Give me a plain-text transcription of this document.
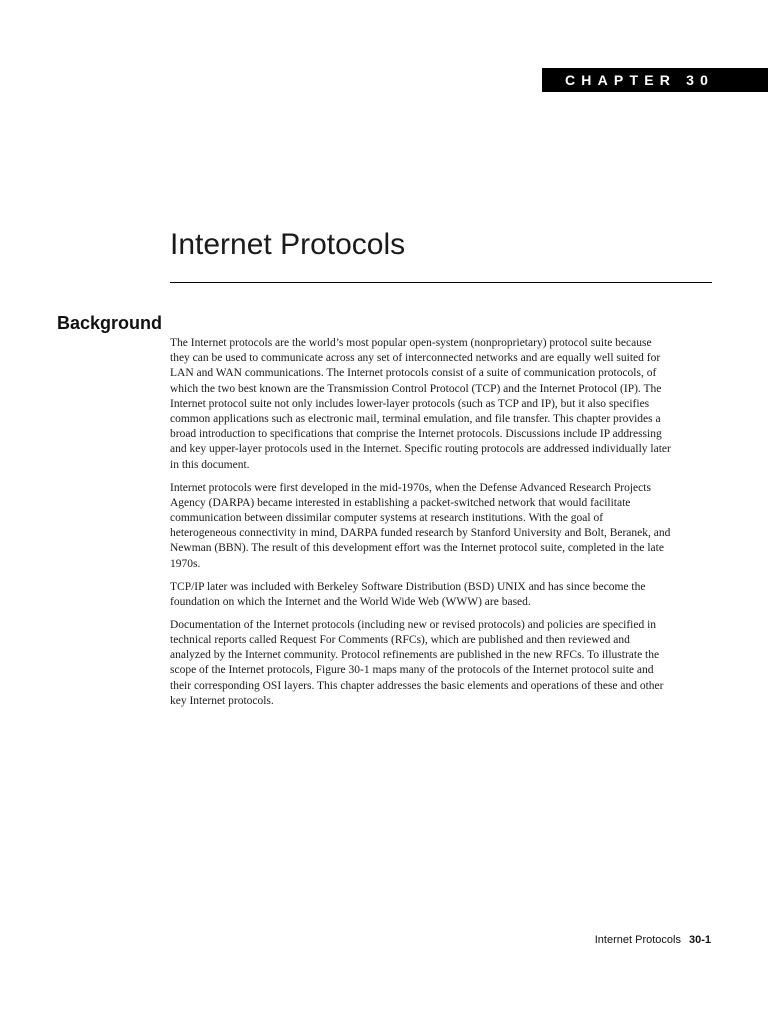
CHAPTER 30
Internet Protocols
Background

The Internet protocols are the world’s most popular open-system (nonproprietary) protocol suite because they can be used to communicate across any set of interconnected networks and are equally well suited for LAN and WAN communications. The Internet protocols consist of a suite of communication protocols, of which the two best known are the Transmission Control Protocol (TCP) and the Internet Protocol (IP). The Internet protocol suite not only includes lower-layer protocols (such as TCP and IP), but it also specifies common applications such as electronic mail, terminal emulation, and file transfer. This chapter provides a broad introduction to specifications that comprise the Internet protocols. Discussions include IP addressing and key upper-layer protocols used in the Internet. Specific routing protocols are addressed individually later in this document.

Internet protocols were first developed in the mid-1970s, when the Defense Advanced Research Projects Agency (DARPA) became interested in establishing a packet-switched network that would facilitate communication between dissimilar computer systems at research institutions. With the goal of heterogeneous connectivity in mind, DARPA funded research by Stanford University and Bolt, Beranek, and Newman (BBN). The result of this development effort was the Internet protocol suite, completed in the late 1970s.

TCP/IP later was included with Berkeley Software Distribution (BSD) UNIX and has since become the foundation on which the Internet and the World Wide Web (WWW) are based.

Documentation of the Internet protocols (including new or revised protocols) and policies are specified in technical reports called Request For Comments (RFCs), which are published and then reviewed and analyzed by the Internet community. Protocol refinements are published in the new RFCs. To illustrate the scope of the Internet protocols, Figure 30-1 maps many of the protocols of the Internet protocol suite and their corresponding OSI layers. This chapter addresses the basic elements and operations of these and other key Internet protocols.

Internet Protocols 30-1
